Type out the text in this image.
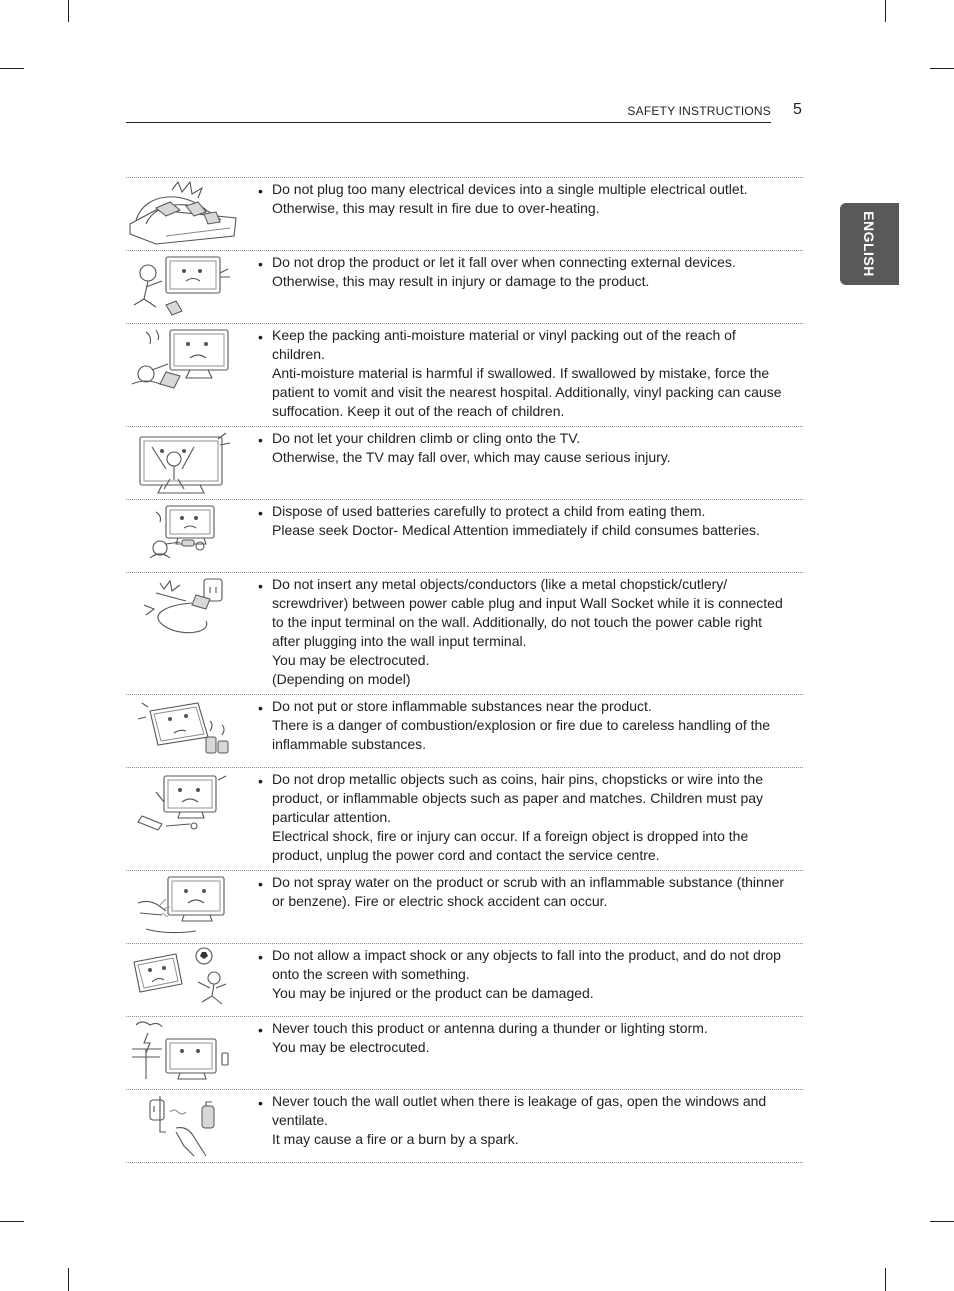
SAFETY INSTRUCTIONS 5
ENGLISH
• Do not plug too many electrical devices into a single multiple electrical outlet.

Otherwise, this may result in fire due to over-heating.

• Do not drop the product or let it fall over when connecting external devices.

Otherwise, this may result in injury or damage to the product.

• Keep the packing anti-moisture material or vinyl packing out of the reach of children.

Anti-moisture material is harmful if swallowed. If swallowed by mistake, force the patient to vomit and visit the nearest hospital. Additionally, vinyl packing can cause suffocation. Keep it out of the reach of children.

• Do not let your children climb or cling onto the TV.

Otherwise, the TV may fall over, which may cause serious injury.

• Dispose of used batteries carefully to protect a child from eating them.

Please seek Doctor- Medical Attention immediately if child consumes batteries.

• Do not insert any metal objects/conductors (like a metal chopstick/cutlery/ screwdriver) between power cable plug and input Wall Socket while it is connected to the input terminal on the wall. Additionally, do not touch the power cable right after plugging into the wall input terminal.

You may be electrocuted.

(Depending on model)

• Do not put or store inflammable substances near the product.

There is a danger of combustion/explosion or fire due to careless handling of the inflammable substances.

• Do not drop metallic objects such as coins, hair pins, chopsticks or wire into the product, or inflammable objects such as paper and matches. Children must pay particular attention.

Electrical shock, fire or injury can occur. If a foreign object is dropped into the product, unplug the power cord and contact the service centre.

• Do not spray water on the product or scrub with an inflammable substance (thinner or benzene). Fire or electric shock accident can occur.

• Do not allow a impact shock or any objects to fall into the product, and do not drop onto the screen with something.

You may be injured or the product can be damaged.

• Never touch this product or antenna during a thunder or lighting storm.

You may be electrocuted.

• Never touch the wall outlet when there is leakage of gas, open the windows and ventilate.

It may cause a fire or a burn by a spark.
